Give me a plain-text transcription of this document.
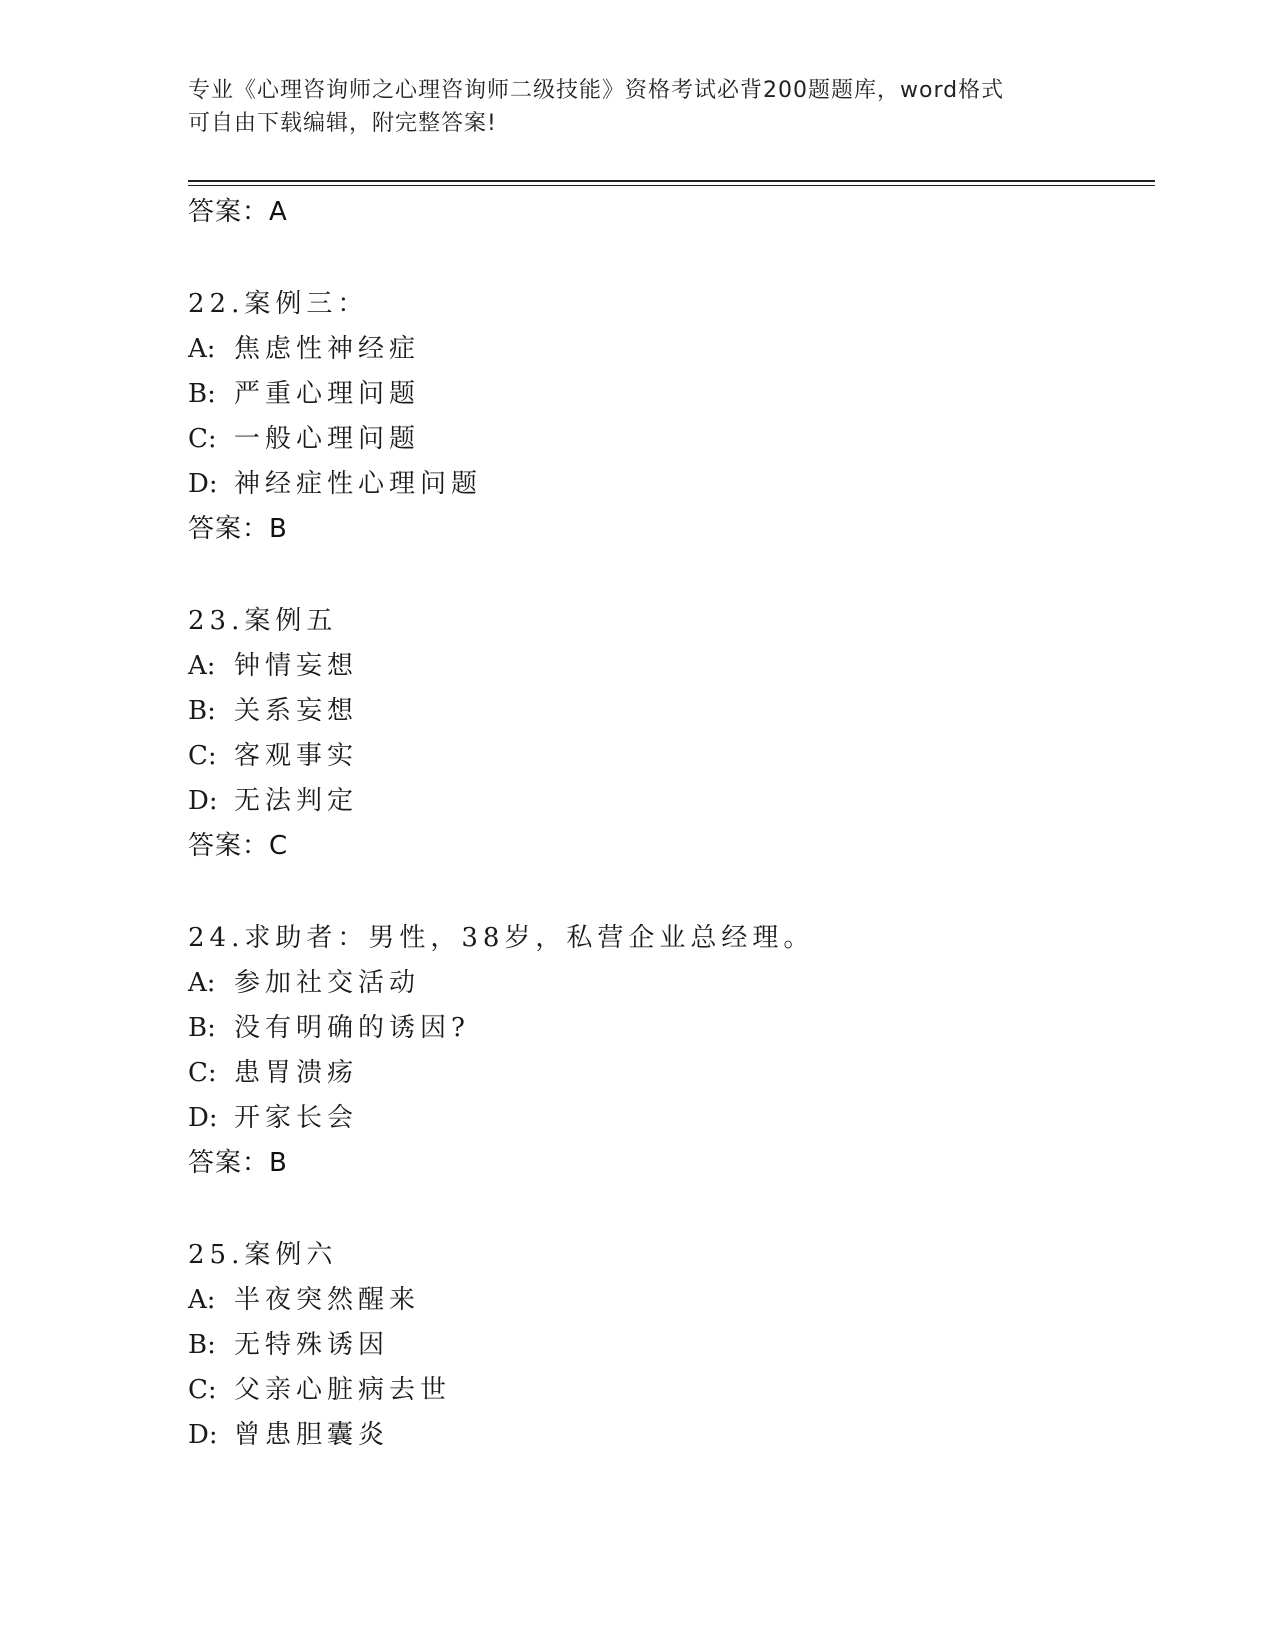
专业《心理咨询师之心理咨询师二级技能》资格考试必背200题题库，word格式
可自由下载编辑，附完整答案!
答案：A
22.案例三：
A: 焦虑性神经症
B: 严重心理问题
C: 一般心理问题
D: 神经症性心理问题
答案：B
23.案例五
A: 钟情妄想
B: 关系妄想
C: 客观事实
D: 无法判定
答案：C
24.求助者：男性，38岁，私营企业总经理。
A: 参加社交活动
B: 没有明确的诱因?
C: 患胃溃疡
D: 开家长会
答案：B
25.案例六
A: 半夜突然醒来
B: 无特殊诱因
C: 父亲心脏病去世
D: 曾患胆囊炎
